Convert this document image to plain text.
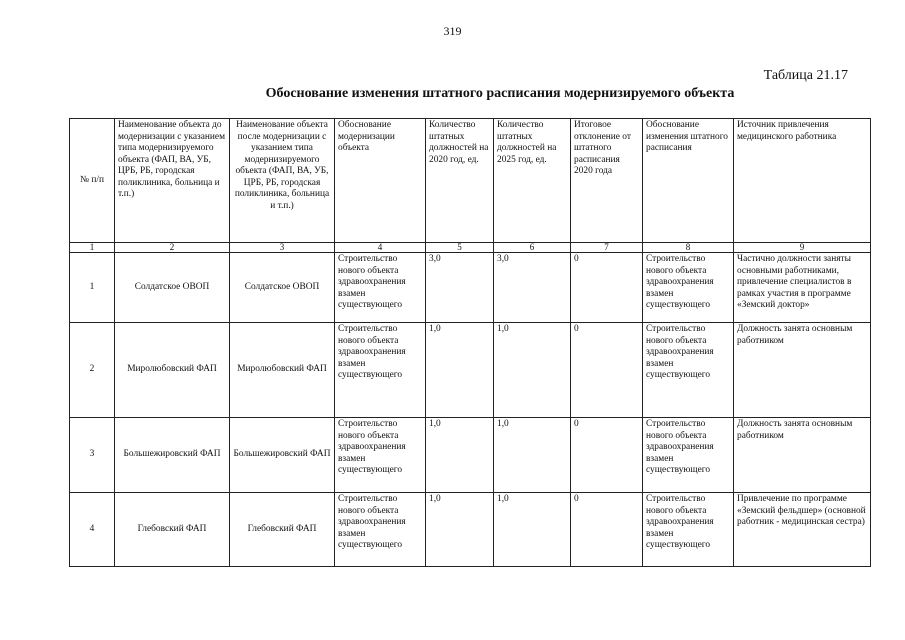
319
Таблица 21.17
Обоснование изменения штатного расписания модернизируемого объекта
№ п/п	Наименование объекта до модернизации с указанием типа модернизируемого объекта (ФАП, ВА, УБ, ЦРБ, РБ, городская поликлиника, больница и т.п.)	Наименование объекта после модернизации с указанием типа модернизируемого объекта (ФАП, ВА, УБ, ЦРБ, РБ, городская поликлиника, больница и т.п.)	Обоснование модернизации объекта	Количество штатных должностей на 2020 год, ед.	Количество штатных должностей на 2025 год, ед.	Итоговое отклонение от штатного расписания 2020 года	Обоснование изменения штатного расписания	Источник привлечения медицинского работника
1	2	3	4	5	6	7	8	9
1	Солдатское ОВОП	Солдатское ОВОП	Строительство нового объекта здравоохранения взамен существующего	3,0	3,0	0	Строительство нового объекта здравоохранения взамен существующего	Частично должности заняты основными работниками, привлечение специалистов в рамках участия в программе «Земский доктор»
2	Миролюбовский ФАП	Миролюбовский ФАП	Строительство нового объекта здравоохранения взамен существующего	1,0	1,0	0	Строительство нового объекта здравоохранения взамен существующего	Должность занята основным работником
3	Большежировский ФАП	Большежировский ФАП	Строительство нового объекта здравоохранения взамен существующего	1,0	1,0	0	Строительство нового объекта здравоохранения взамен существующего	Должность занята основным работником
4	Глебовский ФАП	Глебовский ФАП	Строительство нового объекта здравоохранения взамен существующего	1,0	1,0	0	Строительство нового объекта здравоохранения взамен существующего	Привлечение по программе «Земский фельдшер» (основной работник - медицинская сестра)
